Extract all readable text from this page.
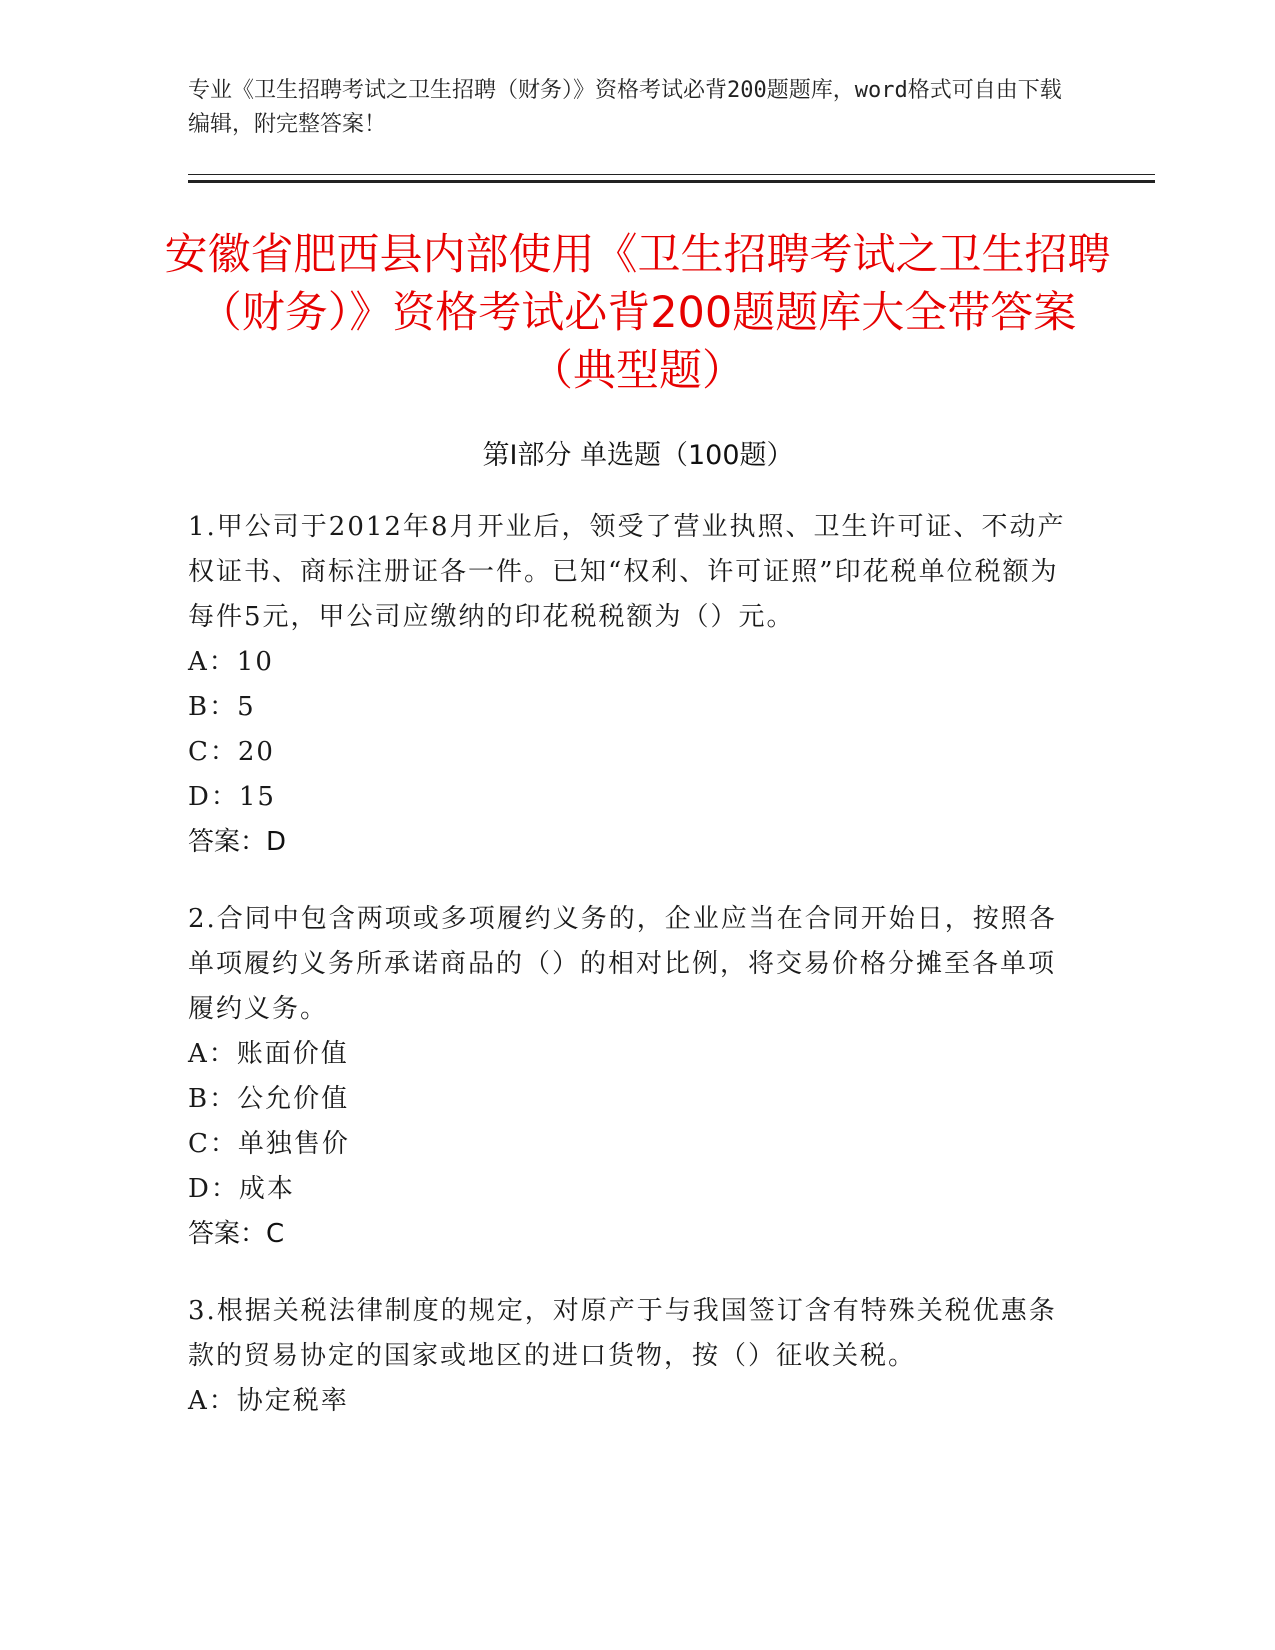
专业《卫生招聘考试之卫生招聘（财务）》资格考试必背200题题库，word格式可自由下载编辑，附完整答案！
安徽省肥西县内部使用《卫生招聘考试之卫生招聘（财务）》资格考试必背200题题库大全带答案（典型题）
第Ⅰ部分 单选题（100题）

1.甲公司于2012年8月开业后，领受了营业执照、卫生许可证、不动产权证书、商标注册证各一件。已知“权利、许可证照”印花税单位税额为每件5元，甲公司应缴纳的印花税税额为（）元。

A：10

B：5

C：20

D：15

答案：D

2.合同中包含两项或多项履约义务的，企业应当在合同开始日，按照各单项履约义务所承诺商品的（）的相对比例，将交易价格分摊至各单项履约义务。

A：账面价值

B：公允价值

C：单独售价

D：成本

答案：C

3.根据关税法律制度的规定，对原产于与我国签订含有特殊关税优惠条款的贸易协定的国家或地区的进口货物，按（）征收关税。

A：协定税率
